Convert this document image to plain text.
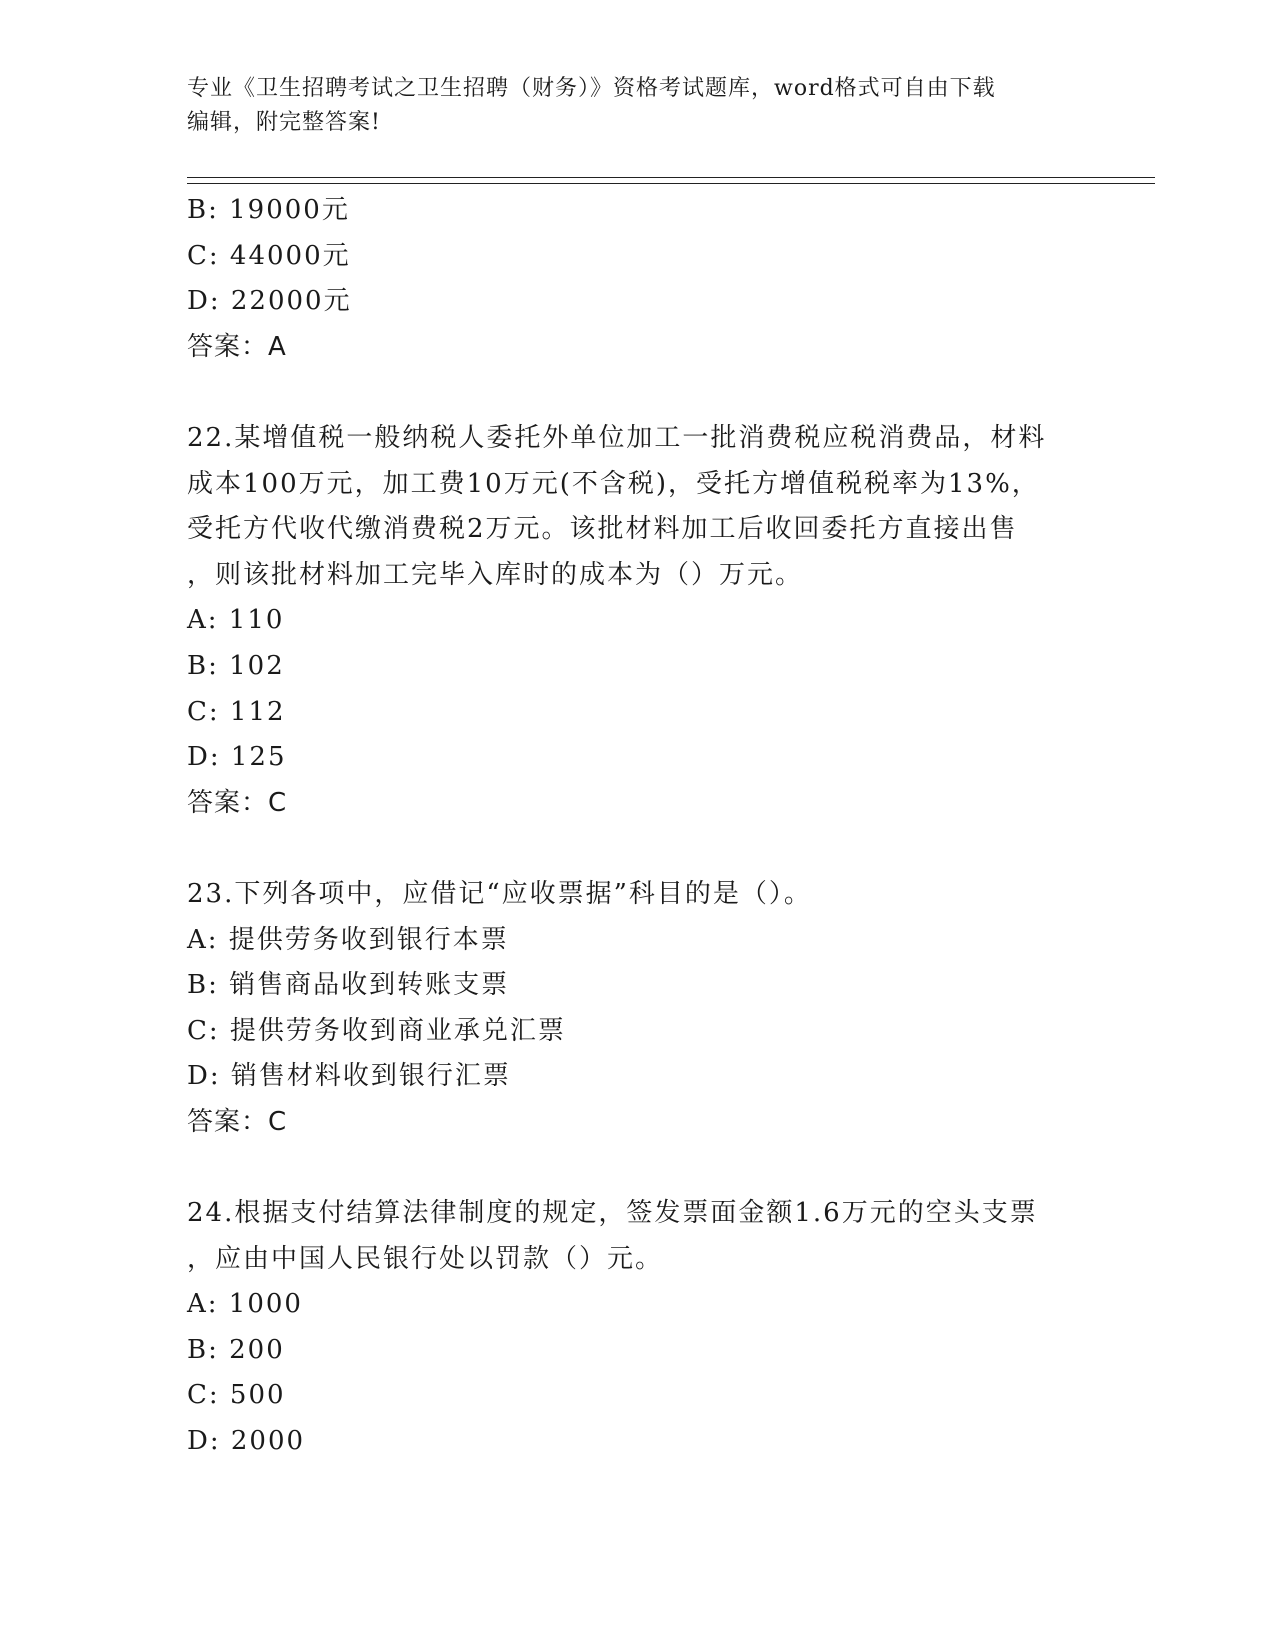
专业《卫生招聘考试之卫生招聘（财务）》资格考试题库，word格式可自由下载
编辑，附完整答案!
B: 19000元
C: 44000元
D: 22000元
答案：A
22.某增值税一般纳税人委托外单位加工一批消费税应税消费品，材料
成本100万元，加工费10万元(不含税)，受托方增值税税率为13%，
受托方代收代缴消费税2万元。该批材料加工后收回委托方直接出售
，则该批材料加工完毕入库时的成本为（）万元。
A: 110
B: 102
C: 112
D: 125
答案：C
23.下列各项中，应借记“应收票据”科目的是（）。
A: 提供劳务收到银行本票
B: 销售商品收到转账支票
C: 提供劳务收到商业承兑汇票
D: 销售材料收到银行汇票
答案：C
24.根据支付结算法律制度的规定，签发票面金额1.6万元的空头支票
，应由中国人民银行处以罚款（）元。
A: 1000
B: 200
C: 500
D: 2000
